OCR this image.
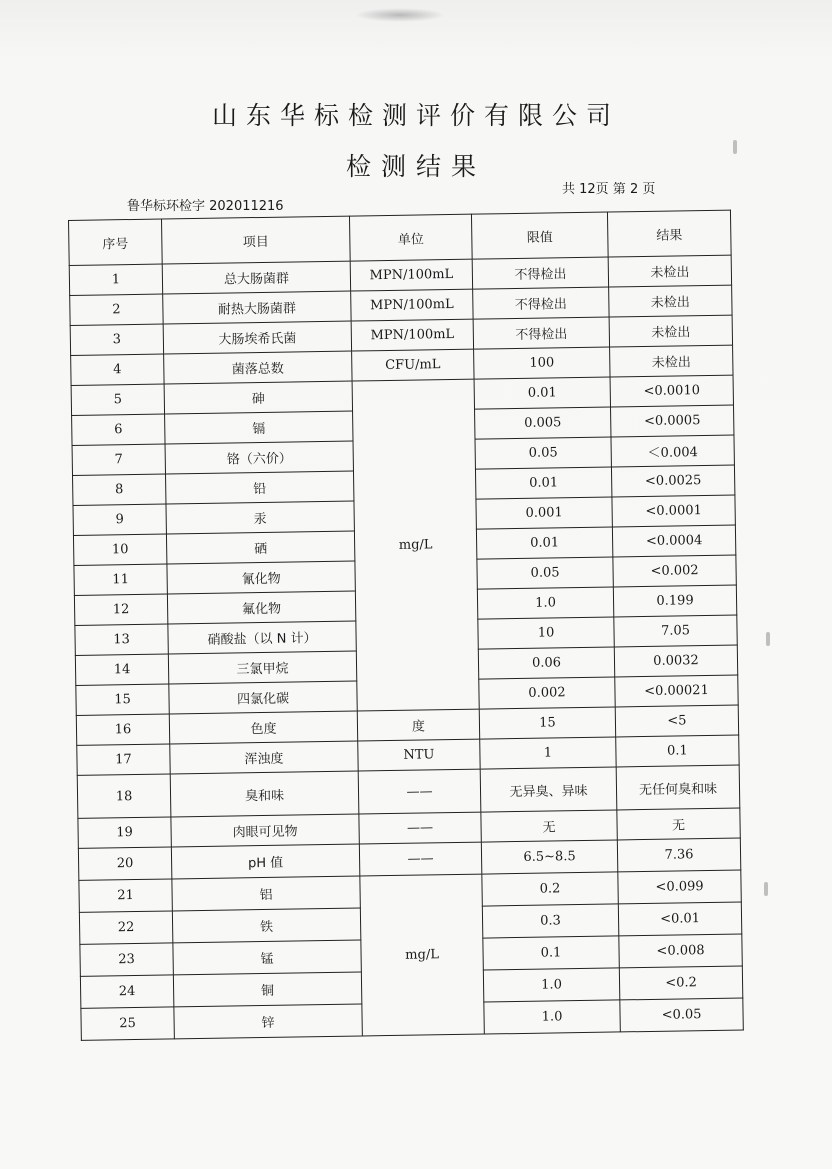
山东华标检测评价有限公司
检测结果
共 12页 第 2 页
鲁华标环检字 202011216
序号	项目	单位	限值	结果
1	总大肠菌群	MPN/100mL	不得检出	未检出
2	耐热大肠菌群	MPN/100mL	不得检出	未检出
3	大肠埃希氏菌	MPN/100mL	不得检出	未检出
4	菌落总数	CFU/mL	100	未检出
5	砷	mg/L	0.01	<0.0010
6	镉		0.005	<0.0005
7	铬（六价）		0.05	＜0.004
8	铅		0.01	<0.0025
9	汞		0.001	<0.0001
10	硒		0.01	<0.0004
11	氰化物		0.05	<0.002
12	氟化物		1.0	0.199
13	硝酸盐（以 N 计）		10	7.05
14	三氯甲烷		0.06	0.0032
15	四氯化碳		0.002	<0.00021
16	色度	度	15	<5
17	浑浊度	NTU	1	0.1
18	臭和味	——	无异臭、异味	无任何臭和味
19	肉眼可见物	——	无	无
20	pH 值	——	6.5~8.5	7.36
21	铝	mg/L	0.2	<0.099
22	铁		0.3	<0.01
23	锰		0.1	<0.008
24	铜		1.0	<0.2
25	锌		1.0	<0.05
